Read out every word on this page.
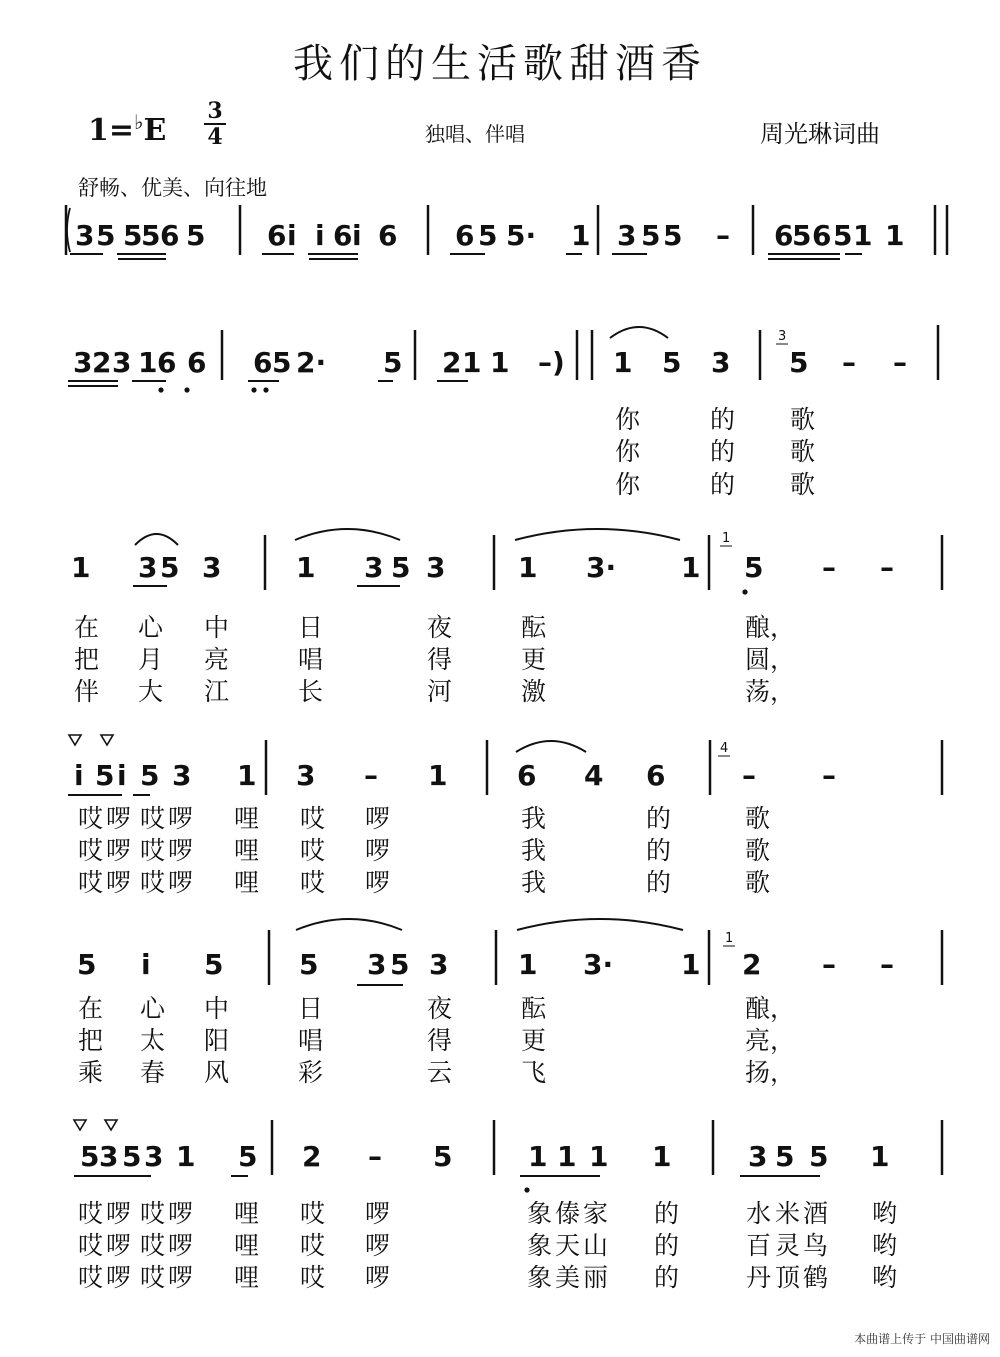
我们的生活歌甜酒香
1=♭E
3
4	独唱、伴唱	周光琳词曲
舒畅、优美、向往地
3 5 5
5 6 5 6 i i 6 i 6 6 5 5· 1 3 5 5 – 6
5 6 5 1 1
3 2 3 1 6 6 6 5 2· 5 2 1 1 –) 1 5 3 5 – –
1 3 5 3	1 3 5 3	1 3· 1 5 – –
i 5 i 5 3 1 3 – 1 6 4 6	– –
5 i 5	5 3 5 3 1 3· 1 2 – –
5 3 5 3 1 5 2 – 5	1 1 1 1	3 5 5 1
3
1
4
1
你	的 歌
你	的 歌
你	的 歌
在 心 中	日	夜	酝	酿，
把 月 亮	唱	得	更	圆，
伴 大 江	长	河	激	荡，
哎 啰 哎 啰 哩 哎 啰	我	的	歌
哎 啰 哎 啰 哩 哎 啰	我	的	歌
哎 啰 哎 啰 哩 哎 啰	我	的	歌
在 心 中	日	夜	酝	酿，
把 太 阳	唱	得	更	亮，
乘 春 风	彩	云	飞	扬，
哎 啰 哎 啰 哩 哎 啰	象 傣 家 的	水 米 酒 哟
哎 啰 哎 啰 哩 哎 啰	象 天 山 的	百 灵 鸟 哟
哎 啰 哎 啰 哩 哎 啰	象 美 丽 的	丹 顶 鹤 哟
本曲谱上传于 中国曲谱网
